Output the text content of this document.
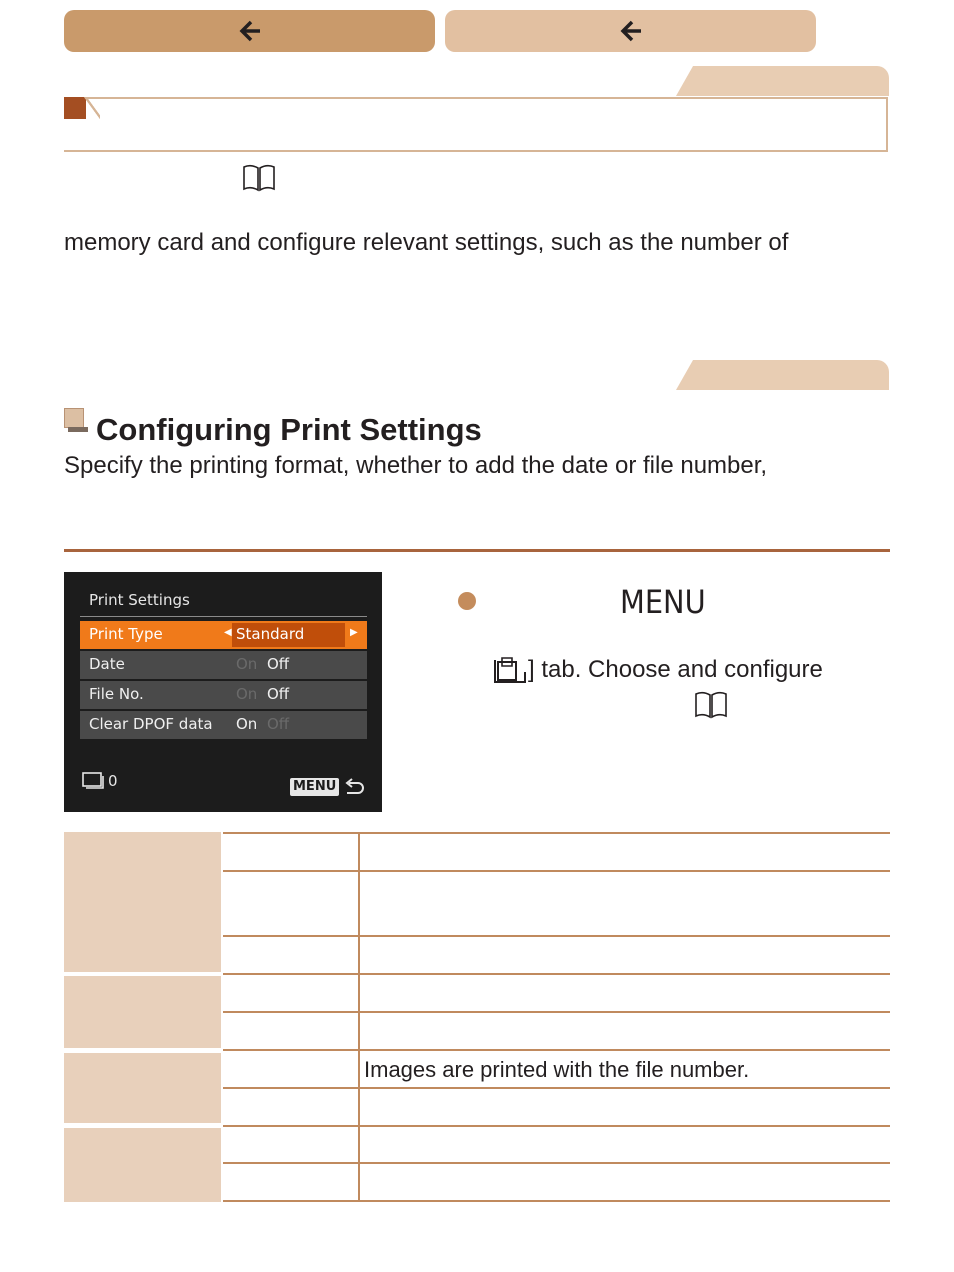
memory card and configure relevant settings, such as the number of
Configuring Print Settings
Specify the printing format, whether to add the date or file number,
Print Settings
Print Type	◀ Standard	▶
Date	On Off
File No.	On Off
Clear DPOF data On Off
0	MENU
MENU
] tab. Choose and configure
Images are printed with the file number.
